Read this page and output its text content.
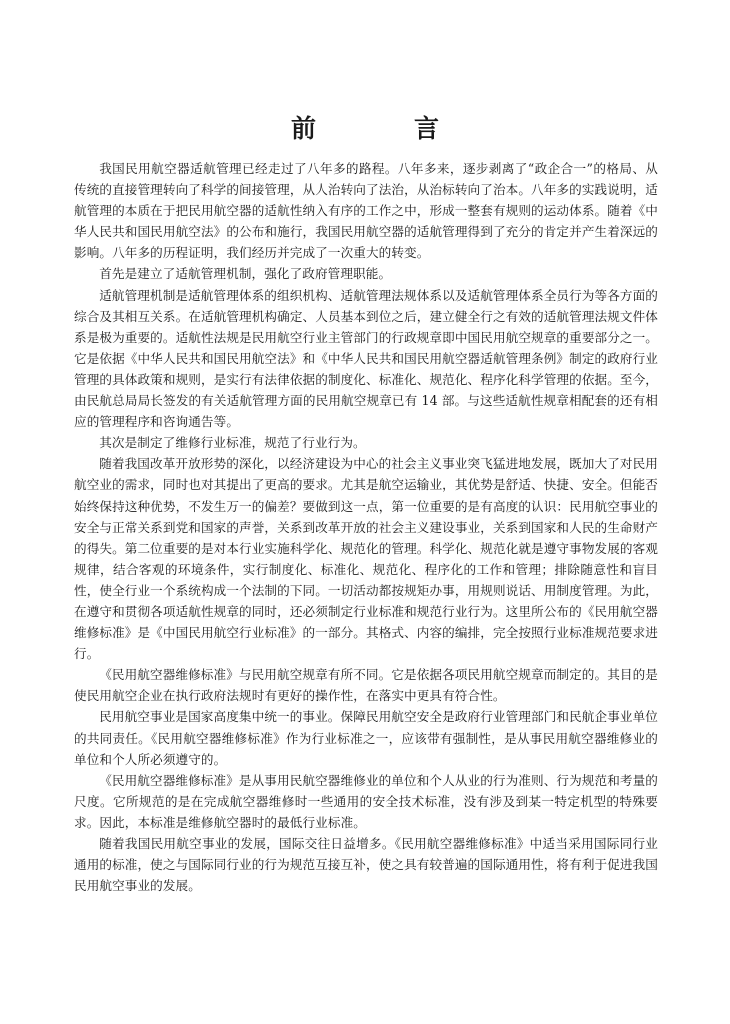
前言

我国民用航空器适航管理已经走过了八年多的路程。八年多来，逐步剥离了“政企合一”的格局、从传统的直接管理转向了科学的间接管理，从人治转向了法治，从治标转向了治本。八年多的实践说明，适航管理的本质在于把民用航空器的适航性纳入有序的工作之中，形成一整套有规则的运动体系。随着《中华人民共和国民用航空法》的公布和施行，我国民用航空器的适航管理得到了充分的肯定并产生着深远的影响。八年多的历程证明，我们经历并完成了一次重大的转变。

首先是建立了适航管理机制，强化了政府管理职能。

适航管理机制是适航管理体系的组织机构、适航管理法规体系以及适航管理体系全员行为等各方面的综合及其相互关系。在适航管理机构确定、人员基本到位之后，建立健全行之有效的适航管理法规文件体系是极为重要的。适航性法规是民用航空行业主管部门的行政规章即中国民用航空规章的重要部分之一。它是依据《中华人民共和国民用航空法》和《中华人民共和国民用航空器适航管理条例》制定的政府行业管理的具体政策和规则，是实行有法律依据的制度化、标准化、规范化、程序化科学管理的依据。至今，由民航总局局长签发的有关适航管理方面的民用航空规章已有 14 部。与这些适航性规章相配套的还有相应的管理程序和咨询通告等。

其次是制定了维修行业标准，规范了行业行为。

随着我国改革开放形势的深化，以经济建设为中心的社会主义事业突飞猛进地发展，既加大了对民用航空业的需求，同时也对其提出了更高的要求。尤其是航空运输业，其优势是舒适、快捷、安全。但能否始终保持这种优势，不发生万一的偏差？要做到这一点，第一位重要的是有高度的认识：民用航空事业的安全与正常关系到党和国家的声誉，关系到改革开放的社会主义建设事业，关系到国家和人民的生命财产的得失。第二位重要的是对本行业实施科学化、规范化的管理。科学化、规范化就是遵守事物发展的客观规律，结合客观的环境条件，实行制度化、标准化、规范化、程序化的工作和管理；排除随意性和盲目性，使全行业一个系统构成一个法制的下同。一切活动都按规矩办事，用规则说话、用制度管理。为此，在遵守和贯彻各项适航性规章的同时，还必须制定行业标准和规范行业行为。这里所公布的《民用航空器维修标准》是《中国民用航空行业标准》的一部分。其格式、内容的编排，完全按照行业标准规范要求进行。

《民用航空器维修标准》与民用航空规章有所不同。它是依据各项民用航空规章而制定的。其目的是使民用航空企业在执行政府法规时有更好的操作性，在落实中更具有符合性。

民用航空事业是国家高度集中统一的事业。保障民用航空安全是政府行业管理部门和民航企事业单位的共同责任。《民用航空器维修标准》作为行业标准之一，应该带有强制性，是从事民用航空器维修业的单位和个人所必须遵守的。

《民用航空器维修标准》是从事用民航空器维修业的单位和个人从业的行为准则、行为规范和考量的尺度。它所规范的是在完成航空器维修时一些通用的安全技术标准，没有涉及到某一特定机型的特殊要求。因此，本标准是维修航空器时的最低行业标准。

随着我国民用航空事业的发展，国际交往日益增多。《民用航空器维修标准》中适当采用国际同行业通用的标准，使之与国际同行业的行为规范互接互补，使之具有较普遍的国际通用性，将有利于促进我国民用航空事业的发展。
